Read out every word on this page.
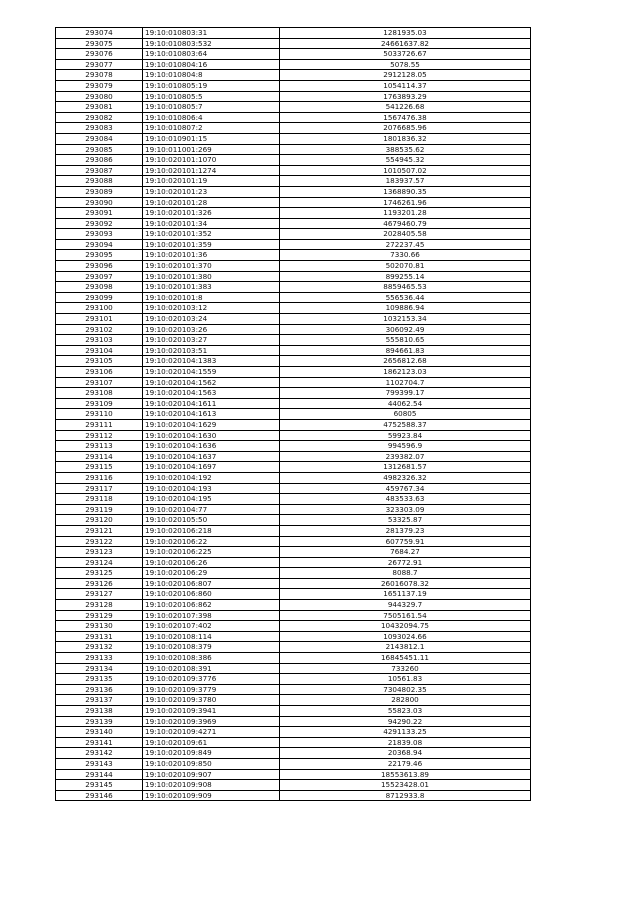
293074	19:10:010803:31	1281935.03
293075	19:10:010803:532	24661637.82
293076	19:10:010803:64	5033726.67
293077	19:10:010804:16	5078.55
293078	19:10:010804:8	2912128.05
293079	19:10:010805:19	1054114.37
293080	19:10:010805:5	1763893.29
293081	19:10:010805:7	541226.68
293082	19:10:010806:4	1567476.38
293083	19:10:010807:2	2076685.96
293084	19:10:010901:15	1801836.32
293085	19:10:011001:269	388535.62
293086	19:10:020101:1070	554945.32
293087	19:10:020101:1274	1010507.02
293088	19:10:020101:19	183937.57
293089	19:10:020101:23	1368890.35
293090	19:10:020101:28	1746261.96
293091	19:10:020101:326	1193201.28
293092	19:10:020101:34	4679460.79
293093	19:10:020101:352	2028405.58
293094	19:10:020101:359	272237.45
293095	19:10:020101:36	7330.66
293096	19:10:020101:370	502070.81
293097	19:10:020101:380	899255.14
293098	19:10:020101:383	8859465.53
293099	19:10:020101:8	556536.44
293100	19:10:020103:12	109886.94
293101	19:10:020103:24	1032153.34
293102	19:10:020103:26	306092.49
293103	19:10:020103:27	555810.65
293104	19:10:020103:51	894661.83
293105	19:10:020104:1383	2656812.68
293106	19:10:020104:1559	1862123.03
293107	19:10:020104:1562	1102704.7
293108	19:10:020104:1563	799399.17
293109	19:10:020104:1611	44062.54
293110	19:10:020104:1613	60805
293111	19:10:020104:1629	4752588.37
293112	19:10:020104:1630	59923.84
293113	19:10:020104:1636	994596.9
293114	19:10:020104:1637	239382.07
293115	19:10:020104:1697	1312681.57
293116	19:10:020104:192	4982326.32
293117	19:10:020104:193	459767.34
293118	19:10:020104:195	483533.63
293119	19:10:020104:77	323303.09
293120	19:10:020105:50	53325.87
293121	19:10:020106:218	281379.23
293122	19:10:020106:22	607759.91
293123	19:10:020106:225	7684.27
293124	19:10:020106:26	26772.91
293125	19:10:020106:29	8088.7
293126	19:10:020106:807	26016078.32
293127	19:10:020106:860	1651137.19
293128	19:10:020106:862	944329.7
293129	19:10:020107:398	7505161.54
293130	19:10:020107:402	10432094.75
293131	19:10:020108:114	1093024.66
293132	19:10:020108:379	2143812.1
293133	19:10:020108:386	16845451.11
293134	19:10:020108:391	733260
293135	19:10:020109:3776	10561.83
293136	19:10:020109:3779	7304802.35
293137	19:10:020109:3780	282800
293138	19:10:020109:3941	55823.03
293139	19:10:020109:3969	94290.22
293140	19:10:020109:4271	4291133.25
293141	19:10:020109:61	21839.08
293142	19:10:020109:849	20368.94
293143	19:10:020109:850	22179.46
293144	19:10:020109:907	18553613.89
293145	19:10:020109:908	15523428.01
293146	19:10:020109:909	8712933.8
